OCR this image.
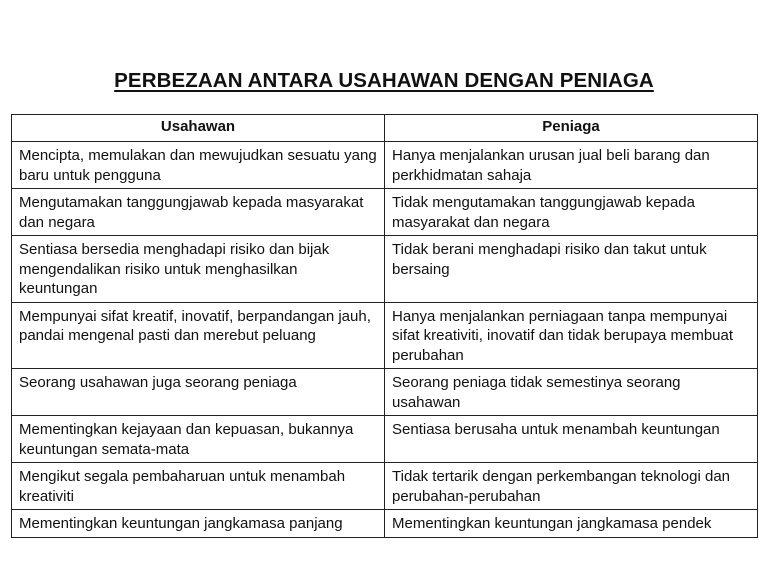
PERBEZAAN ANTARA USAHAWAN DENGAN PENIAGA
Usahawan	Peniaga
Mencipta, memulakan dan mewujudkan sesuatu yang baru untuk pengguna	Hanya menjalankan urusan jual beli barang dan perkhidmatan sahaja
Mengutamakan tanggungjawab kepada masyarakat dan negara	Tidak mengutamakan tanggungjawab kepada masyarakat dan negara
Sentiasa bersedia menghadapi risiko dan bijak mengendalikan risiko untuk menghasilkan keuntungan	Tidak berani menghadapi risiko dan takut untuk bersaing
Mempunyai sifat kreatif, inovatif, berpandangan jauh, pandai mengenal pasti dan merebut peluang	Hanya menjalankan perniagaan tanpa mempunyai sifat kreativiti, inovatif dan tidak berupaya membuat perubahan
Seorang usahawan juga seorang peniaga	Seorang peniaga tidak semestinya seorang usahawan
Mementingkan kejayaan dan kepuasan, bukannya keuntungan semata-mata	Sentiasa berusaha untuk menambah keuntungan
Mengikut segala pembaharuan untuk menambah kreativiti	Tidak tertarik dengan perkembangan teknologi dan perubahan-perubahan
Mementingkan keuntungan jangkamasa panjang	Mementingkan keuntungan jangkamasa pendek
